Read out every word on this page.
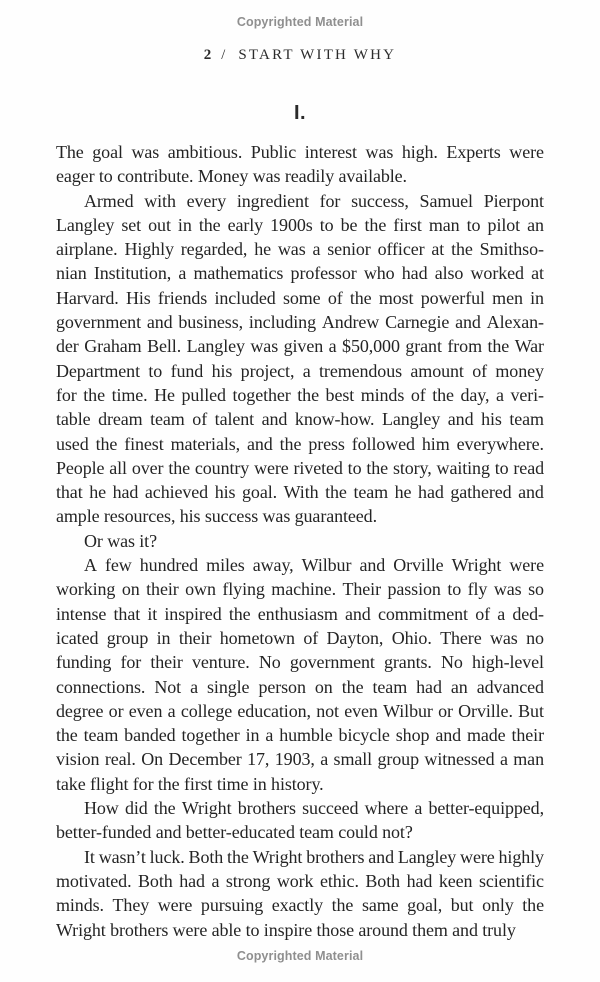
Copyrighted Material
2 / START WITH WHY
I.
The goal was ambitious. Public interest was high. Experts were
eager to contribute. Money was readily available.
Armed with every ingredient for success, Samuel Pierpont
Langley set out in the early 1900s to be the first man to pilot an
airplane. Highly regarded, he was a senior officer at the Smithso-
nian Institution, a mathematics professor who had also worked at
Harvard. His friends included some of the most powerful men in
government and business, including Andrew Carnegie and Alexan-
der Graham Bell. Langley was given a $50,000 grant from the War
Department to fund his project, a tremendous amount of money
for the time. He pulled together the best minds of the day, a veri-
table dream team of talent and know-how. Langley and his team
used the finest materials, and the press followed him everywhere.
People all over the country were riveted to the story, waiting to read
that he had achieved his goal. With the team he had gathered and
ample resources, his success was guaranteed.
Or was it?
A few hundred miles away, Wilbur and Orville Wright were
working on their own flying machine. Their passion to fly was so
intense that it inspired the enthusiasm and commitment of a ded-
icated group in their hometown of Dayton, Ohio. There was no
funding for their venture. No government grants. No high-level
connections. Not a single person on the team had an advanced
degree or even a college education, not even Wilbur or Orville. But
the team banded together in a humble bicycle shop and made their
vision real. On December 17, 1903, a small group witnessed a man
take flight for the first time in history.
How did the Wright brothers succeed where a better-equipped,
better-funded and better-educated team could not?
It wasn’t luck. Both the Wright brothers and Langley were highly
motivated. Both had a strong work ethic. Both had keen scientific
minds. They were pursuing exactly the same goal, but only the
Wright brothers were able to inspire those around them and truly
Copyrighted Material
